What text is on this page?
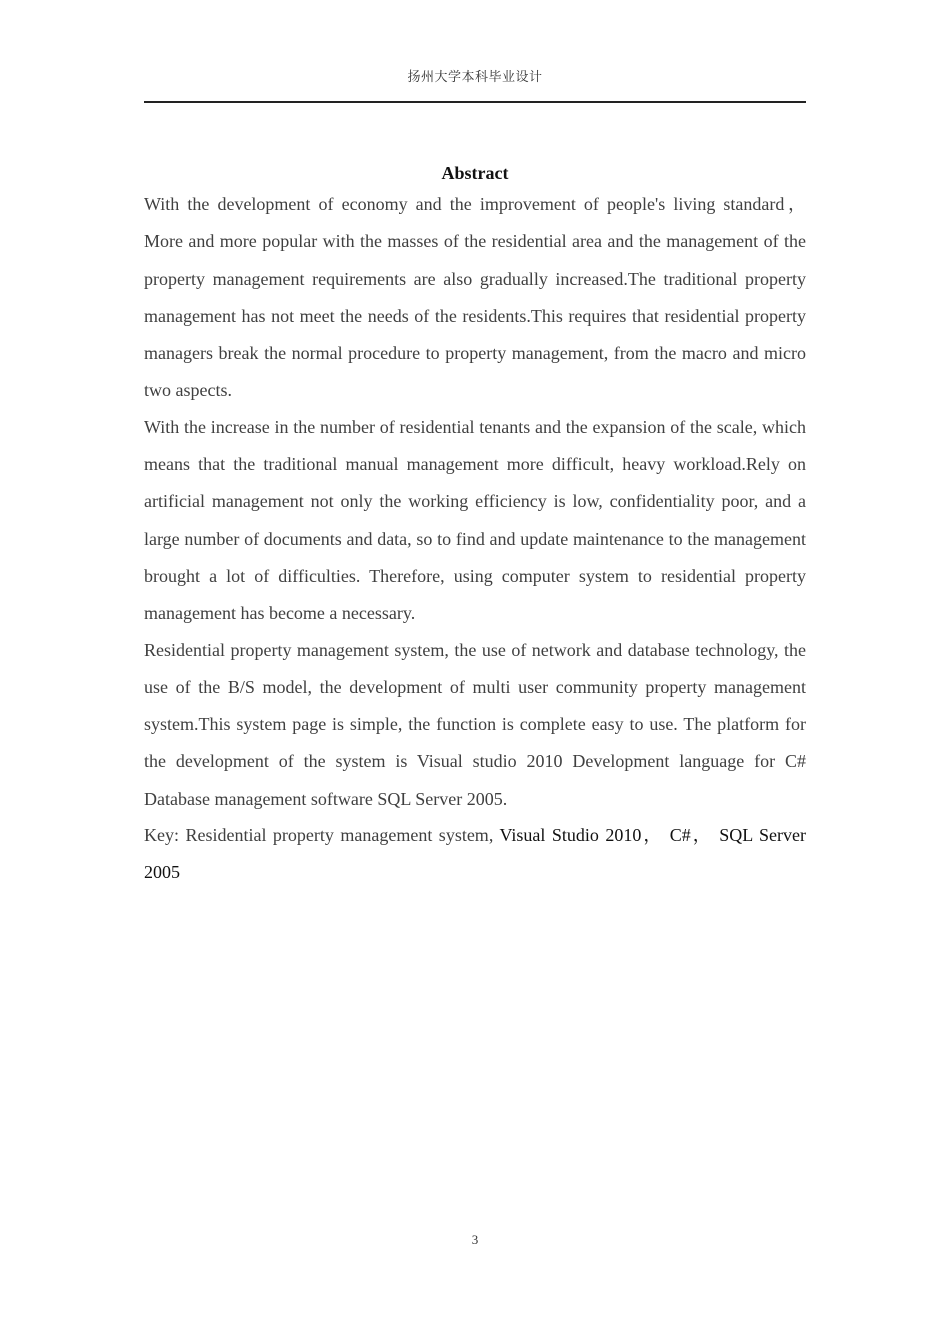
扬州大学本科毕业设计
Abstract

With the development of economy and the improvement of people's living standard， More and more popular with the masses of the residential area and the management of the property management requirements are also gradually increased.The traditional property management has not meet the needs of the residents.This requires that residential property managers break the normal procedure to property management, from the macro and micro two aspects.

With the increase in the number of residential tenants and the expansion of the scale, which means that the traditional manual management more difficult, heavy workload.Rely on artificial management not only the working efficiency is low, confidentiality poor, and a large number of documents and data, so to find and update maintenance to the management brought a lot of difficulties. Therefore, using computer system to residential property management has become a necessary.

Residential property management system, the use of network and database technology, the use of the B/S model, the development of multi user community property management system.This system page is simple, the function is complete easy to use. The platform for the development of the system is Visual studio 2010 Development language for C# Database management software SQL Server 2005.

Key: Residential property management system, Visual Studio 2010， C#， SQL Server 2005

3
